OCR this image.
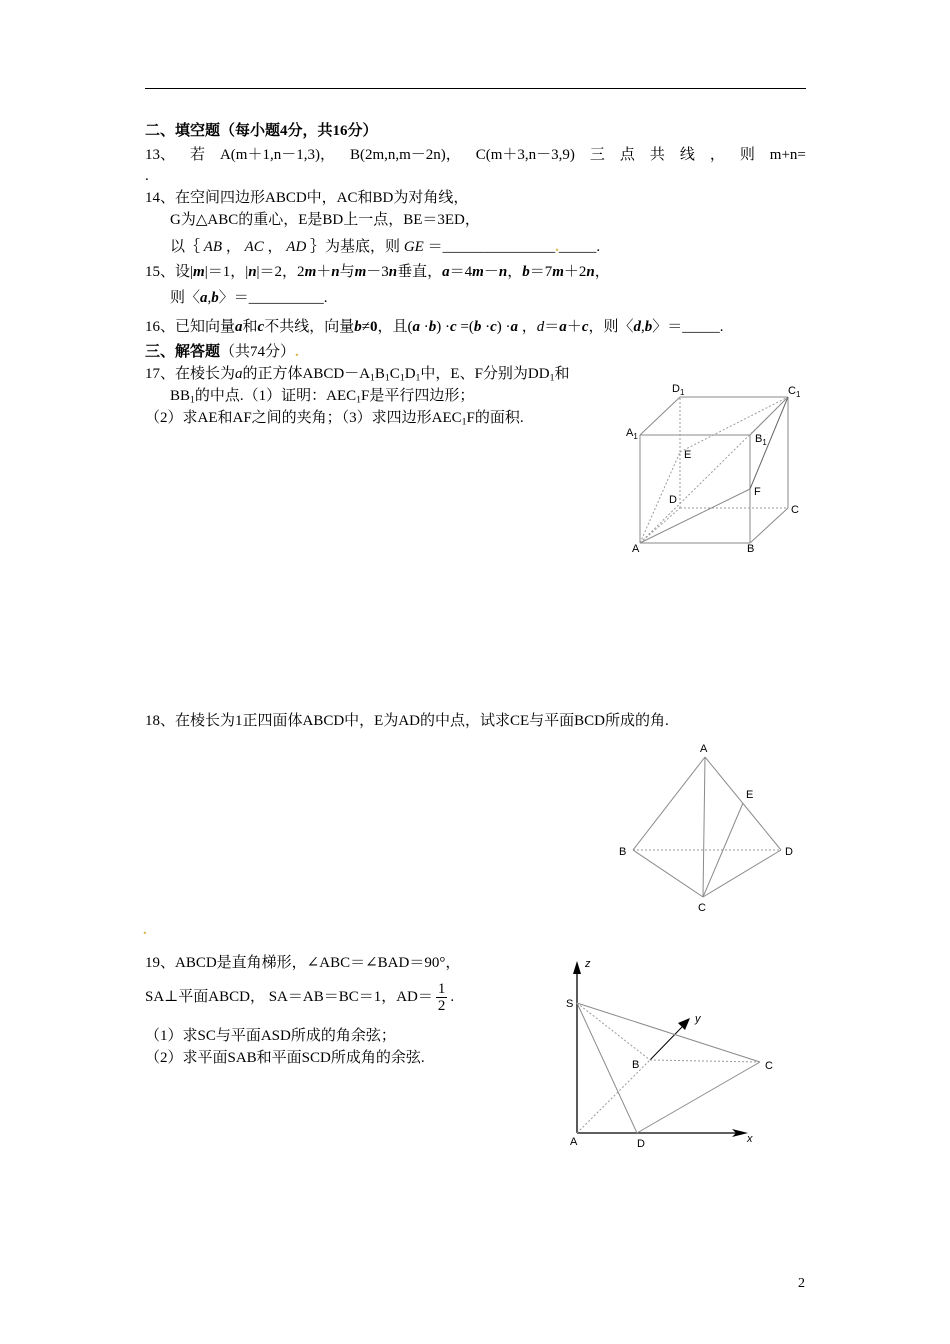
二、填空题（每小题4分，共16分）
13、 若 A(m＋1,n－1,3)， B(2m,n,m－2n)， C(m＋3,n－3,9) 三 点 共 线 ， 则 m+n=
.
14、在空间四边形ABCD中，AC和BD为对角线，
G为△ABC的重心，E是BD上一点，BE＝3ED，
以｛ AB ， AC ， AD ｝为基底，则 GE ＝_______________._____.
15、设|m|＝1，|n|＝2，2m＋n与m－3n垂直，a＝4m－n，b＝7m＋2n，
则〈a,b〉＝__________.
16、已知向量a和c不共线，向量b≠0，且(a ·b) ·c =(b ·c) ·a ，d＝a＋c，则〈d,b〉＝_____.
三、解答题（共74分）.
17、在棱长为a的正方体ABCD－A1B1C1D1中，E、F分别为DD1和
BB1的中点.（1）证明：AEC1F是平行四边形；
（2）求AE和AF之间的夹角；（3）求四边形AEC1F的面积.
$D_1$	$C_1$
$A_1$	$B_1$
E
F
D
C
A	B
18、在棱长为1正四面体ABCD中，E为AD的中点，试求CE与平面BCD所成的角.
A
E
B	D
C
.
19、ABCD是直角梯形，∠ABC＝∠BAD＝90°，
SA⊥平面ABCD， SA＝AB＝BC＝1，$AD= \frac{1}{2}$ .
（1）求SC与平面ASD所成的角余弦；
（2）求平面SAB和平面SCD所成角的余弦.
z
S
y
B	C
A	D	x
2
